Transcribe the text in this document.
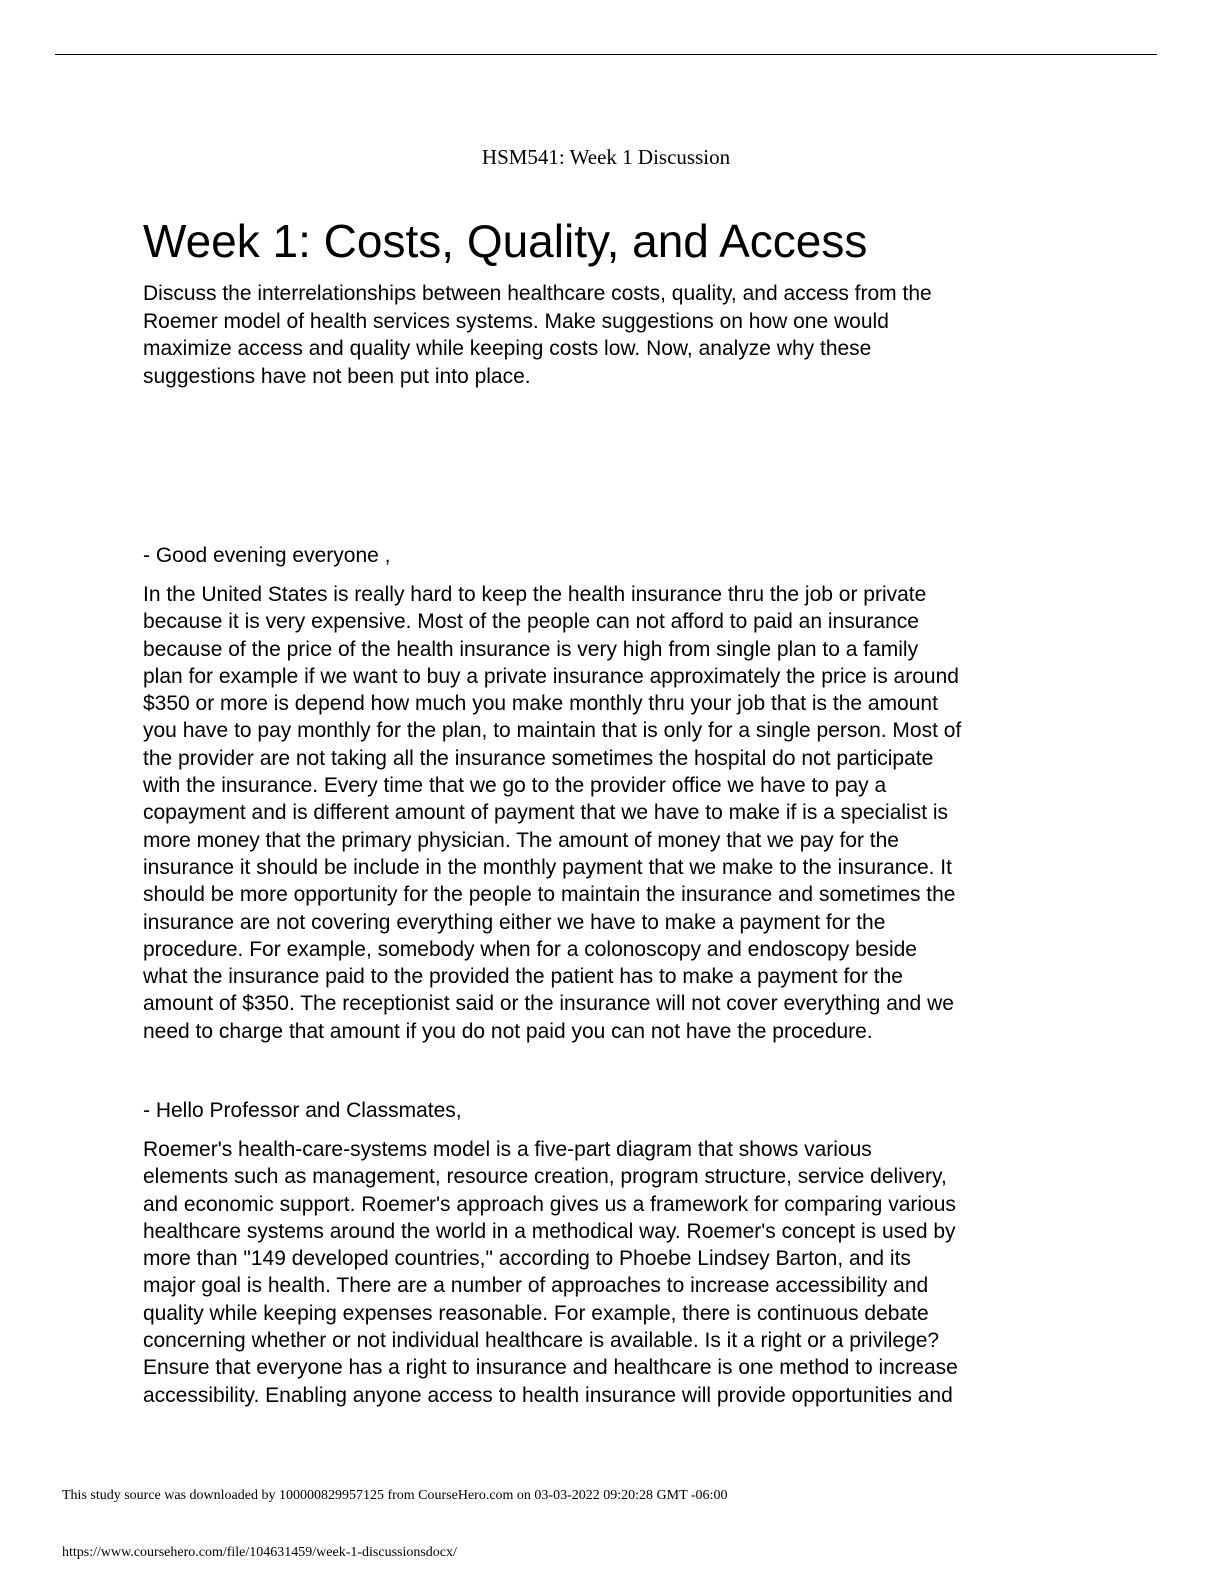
HSM541: Week 1 Discussion
Week 1: Costs, Quality, and Access
Discuss the interrelationships between healthcare costs, quality, and access from the
Roemer model of health services systems. Make suggestions on how one would
maximize access and quality while keeping costs low. Now, analyze why these
suggestions have not been put into place.
- Good evening everyone ,
In the United States is really hard to keep the health insurance thru the job or private
because it is very expensive. Most of the people can not afford to paid an insurance
because of the price of the health insurance is very high from single plan to a family
plan for example if we want to buy a private insurance approximately the price is around
$350 or more is depend how much you make monthly thru your job that is the amount
you have to pay monthly for the plan, to maintain that is only for a single person. Most of
the provider are not taking all the insurance sometimes the hospital do not participate
with the insurance. Every time that we go to the provider office we have to pay a
copayment and is different amount of payment that we have to make if is a specialist is
more money that the primary physician. The amount of money that we pay for the
insurance it should be include in the monthly payment that we make to the insurance. It
should be more opportunity for the people to maintain the insurance and sometimes the
insurance are not covering everything either we have to make a payment for the
procedure. For example, somebody when for a colonoscopy and endoscopy beside
what the insurance paid to the provided the patient has to make a payment for the
amount of $350. The receptionist said or the insurance will not cover everything and we
need to charge that amount if you do not paid you can not have the procedure.
- Hello Professor and Classmates,
Roemer's health-care-systems model is a five-part diagram that shows various
elements such as management, resource creation, program structure, service delivery,
and economic support. Roemer's approach gives us a framework for comparing various
healthcare systems around the world in a methodical way. Roemer's concept is used by
more than "149 developed countries," according to Phoebe Lindsey Barton, and its
major goal is health. There are a number of approaches to increase accessibility and
quality while keeping expenses reasonable. For example, there is continuous debate
concerning whether or not individual healthcare is available. Is it a right or a privilege?
Ensure that everyone has a right to insurance and healthcare is one method to increase
accessibility. Enabling anyone access to health insurance will provide opportunities and
This study source was downloaded by 100000829957125 from CourseHero.com on 03-03-2022 09:20:28 GMT -06:00
https://www.coursehero.com/file/104631459/week-1-discussionsdocx/
